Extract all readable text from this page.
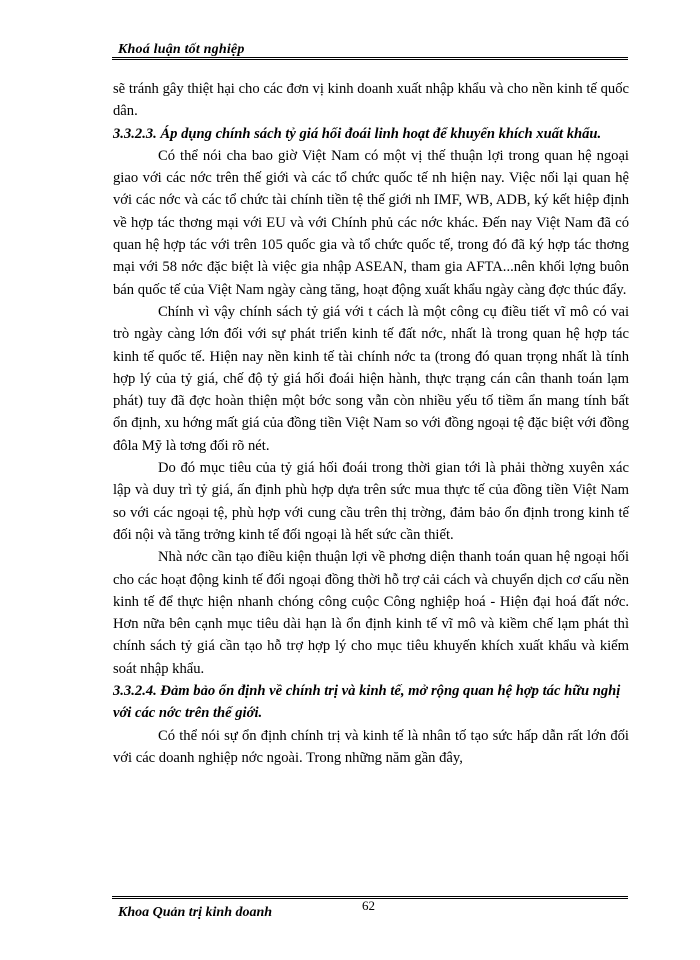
Khoá luận tốt nghiệp

sẽ tránh gây thiệt hại cho các đơn vị kinh doanh xuất nhập khẩu và cho nền kinh tế quốc dân.

3.3.2.3. Áp dụng chính sách tỷ giá hối đoái linh hoạt để khuyến khích xuất khẩu.

Có thể nói cha bao giờ Việt Nam có một vị thế thuận lợi trong quan hệ ngoại giao với các nớc trên thế giới và các tổ chức quốc tế nh hiện nay. Việc nối lại quan hệ với các nớc và các tổ chức tài chính tiền tệ thế giới nh IMF, WB, ADB, ký kết hiệp định về hợp tác thơng mại với EU và với Chính phủ các nớc khác. Đến nay Việt Nam đã có quan hệ hợp tác với trên 105 quốc gia và tổ chức quốc tế, trong đó đã ký hợp tác thơng mại với 58 nớc đặc biệt là việc gia nhập ASEAN, tham gia AFTA...nên khối lợng buôn bán quốc tế của Việt Nam ngày càng tăng, hoạt động xuất khẩu ngày càng đợc thúc đẩy.

Chính vì vậy chính sách tỷ giá với t cách là một công cụ điều tiết vĩ mô có vai trò ngày càng lớn đối với sự phát triển kinh tế đất nớc, nhất là trong quan hệ hợp tác kinh tế quốc tế. Hiện nay nền kinh tế tài chính nớc ta (trong đó quan trọng nhất là tính hợp lý của tỷ giá, chế độ tỷ giá hối đoái hiện hành, thực trạng cán cân thanh toán lạm phát) tuy đã đợc hoàn thiện một bớc song vẫn còn nhiều yếu tố tiềm ẩn mang tính bất ổn định, xu hớng mất giá của đồng tiền Việt Nam so với đồng ngoại tệ đặc biệt với đồng đôla Mỹ là tơng đối rõ nét.

Do đó mục tiêu của tỷ giá hối đoái trong thời gian tới là phải thờng xuyên xác lập và duy trì tỷ giá, ấn định phù hợp dựa trên sức mua thực tế của đồng tiền Việt Nam so với các ngoại tệ, phù hợp với cung cầu trên thị trờng, đảm bảo ổn định trong kinh tế đối nội và tăng trởng kinh tế đối ngoại là hết sức cần thiết.

Nhà nớc cần tạo điều kiện thuận lợi về phơng diện thanh toán quan hệ ngoại hối cho các hoạt động kinh tế đối ngoại đồng thời hỗ trợ cải cách và chuyển dịch cơ cấu nền kinh tế để thực hiện nhanh chóng công cuộc Công nghiệp hoá - Hiện đại hoá đất nớc. Hơn nữa bên cạnh mục tiêu dài hạn là ổn định kinh tế vĩ mô và kiềm chế lạm phát thì chính sách tỷ giá cần tạo hỗ trợ hợp lý cho mục tiêu khuyến khích xuất khẩu và kiểm soát nhập khẩu.

3.3.2.4. Đảm bảo ổn định về chính trị và kinh tế, mở rộng quan hệ hợp tác hữu nghị với các nớc trên thế giới.

Có thể nói sự ổn định chính trị và kinh tế là nhân tố tạo sức hấp dẫn rất lớn đối với các doanh nghiệp nớc ngoài. Trong những năm gần đây,

Khoa Quản trị kinh doanh	62
